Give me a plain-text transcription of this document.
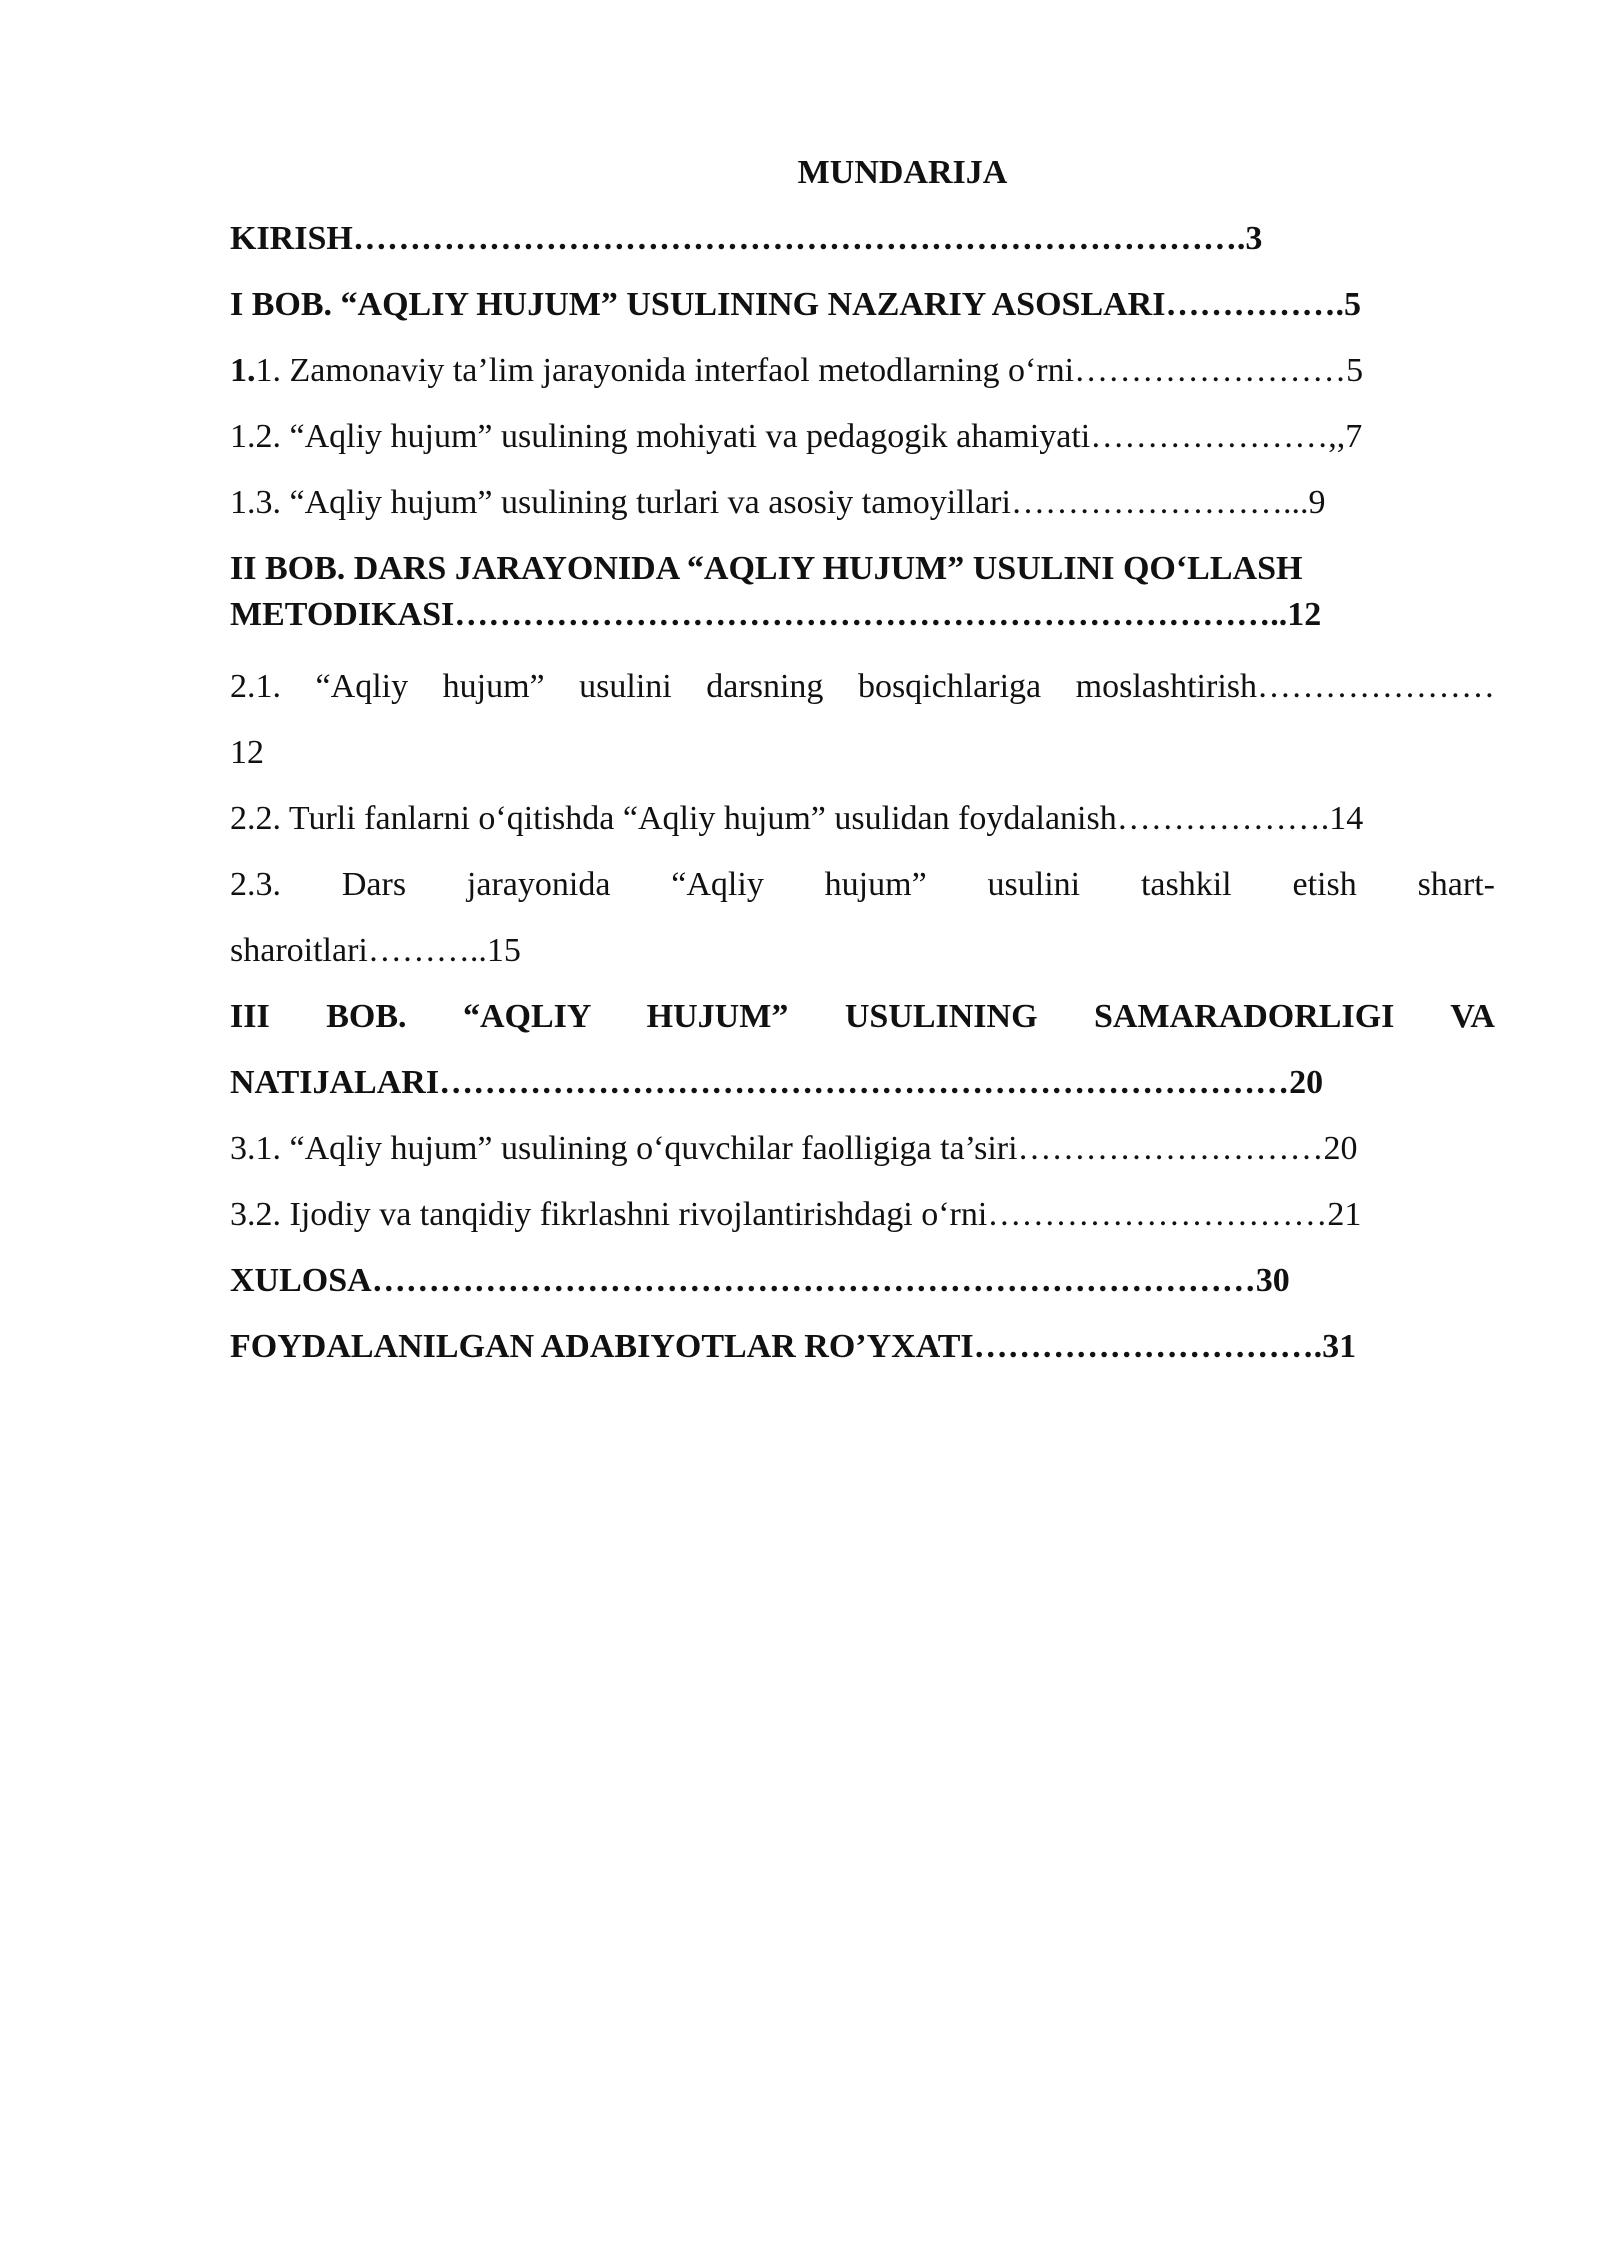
MUNDARIJA
KIRISH…………………………………………………………………….3
I BOB. “AQLIY HUJUM” USULINING NAZARIY ASOSLARI…………….5
1.1. Zamonaviy ta’lim jarayonida interfaol metodlarning o‘rni……………………5
1.2. “Aqliy hujum” usulining mohiyati va pedagogik ahamiyati…………………,,7
1.3. “Aqliy hujum” usulining turlari va asosiy tamoyillari……………………...9
II BOB. DARS JARAYONIDA “AQLIY HUJUM” USULINI QO‘LLASH
METODIKASI………………………………………………………………..12
2.1. “Aqliy hujum” usulini darsning bosqichlariga moslashtirish…………………
12
2.2. Turli fanlarni o‘qitishda “Aqliy hujum” usulidan foydalanish……………….14
2.3. Dars jarayonida “Aqliy hujum” usulini tashkil etish shart-
sharoitlari………..15
III BOB. “AQLIY HUJUM” USULINING SAMARADORLIGI VA
NATIJALARI…………………………………………………………………20
3.1. “Aqliy hujum” usulining o‘quvchilar faolligiga ta’siri………………………20
3.2. Ijodiy va tanqidiy fikrlashni rivojlantirishdagi o‘rni…………………………21
XULOSA……………………………………………………………………30
FOYDALANILGAN ADABIYOTLAR RO’YXATI………………………….31
